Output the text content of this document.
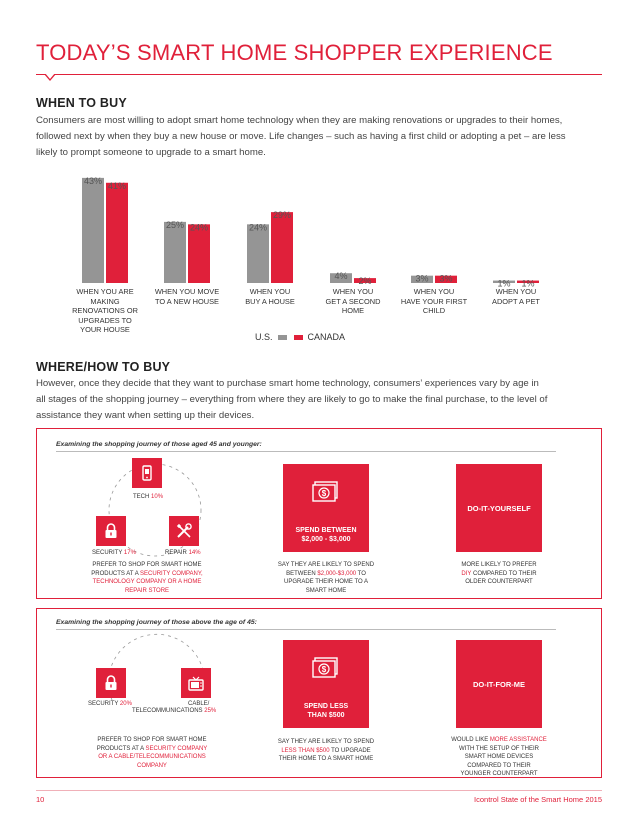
TODAY’S SMART HOME SHOPPER EXPERIENCE
WHEN TO BUY
Consumers are most willing to adopt smart home technology when they are making renovations or upgrades to their homes,
followed next by when they buy a new house or move. Life changes – such as having a first child or adopting a pet – are less
likely to prompt someone to upgrade to a smart home.
43% 41%
25% 24%	24%
29%
4% 2%	3% 3%	1% 1%
WHEN YOU ARE
MAKING
RENOVATIONS OR
UPGRADES TO
YOUR HOUSE
WHEN YOU MOVE
TO A NEW HOUSE
WHEN YOU
BUY A HOUSE
WHEN YOU
GET A SECOND
HOME
WHEN YOU
HAVE YOUR FIRST
CHILD
WHEN YOU
ADOPT A PET
U.S.	CANADA
WHERE/HOW TO BUY
However, once they decide that they want to purchase smart home technology, consumers’ experiences vary by age in
all stages of the shopping journey – everything from where they are likely to go to make the final purchase, to the level of
assistance they want when setting up their devices.
Examining the shopping journey of those aged 45 and younger:
TECH 10%
SECURITY 17%	REPAIR 14%
PREFER TO SHOP FOR SMART HOME
PRODUCTS AT A SECURITY COMPANY,
TECHNOLOGY COMPANY OR A HOME
REPAIR STORE
$
SPEND BETWEEN
$2,000 - $3,000
SAY THEY ARE LIKELY TO SPEND
BETWEEN $2,000-$3,000 TO
UPGRADE THEIR HOME TO A
SMART HOME
DO-IT-YOURSELF
MORE LIKELY TO PREFER
DIY COMPARED TO THEIR
OLDER COUNTERPART
Examining the shopping journey of those above the age of 45:
SECURITY 20%	CABLE/
TELECOMMUNICATIONS 25%
PREFER TO SHOP FOR SMART HOME
PRODUCTS AT A SECURITY COMPANY
OR A CABLE/TELECOMMUNICATIONS
COMPANY
$
SPEND LESS
THAN $500
SAY THEY ARE LIKELY TO SPEND
LESS THAN $500 TO UPGRADE
THEIR HOME TO A SMART HOME
DO-IT-FOR-ME
WOULD LIKE MORE ASSISTANCE
WITH THE SETUP OF THEIR
SMART HOME DEVICES
COMPARED TO THEIR
YOUNGER COUNTERPART
10	Icontrol State of the Smart Home 2015
